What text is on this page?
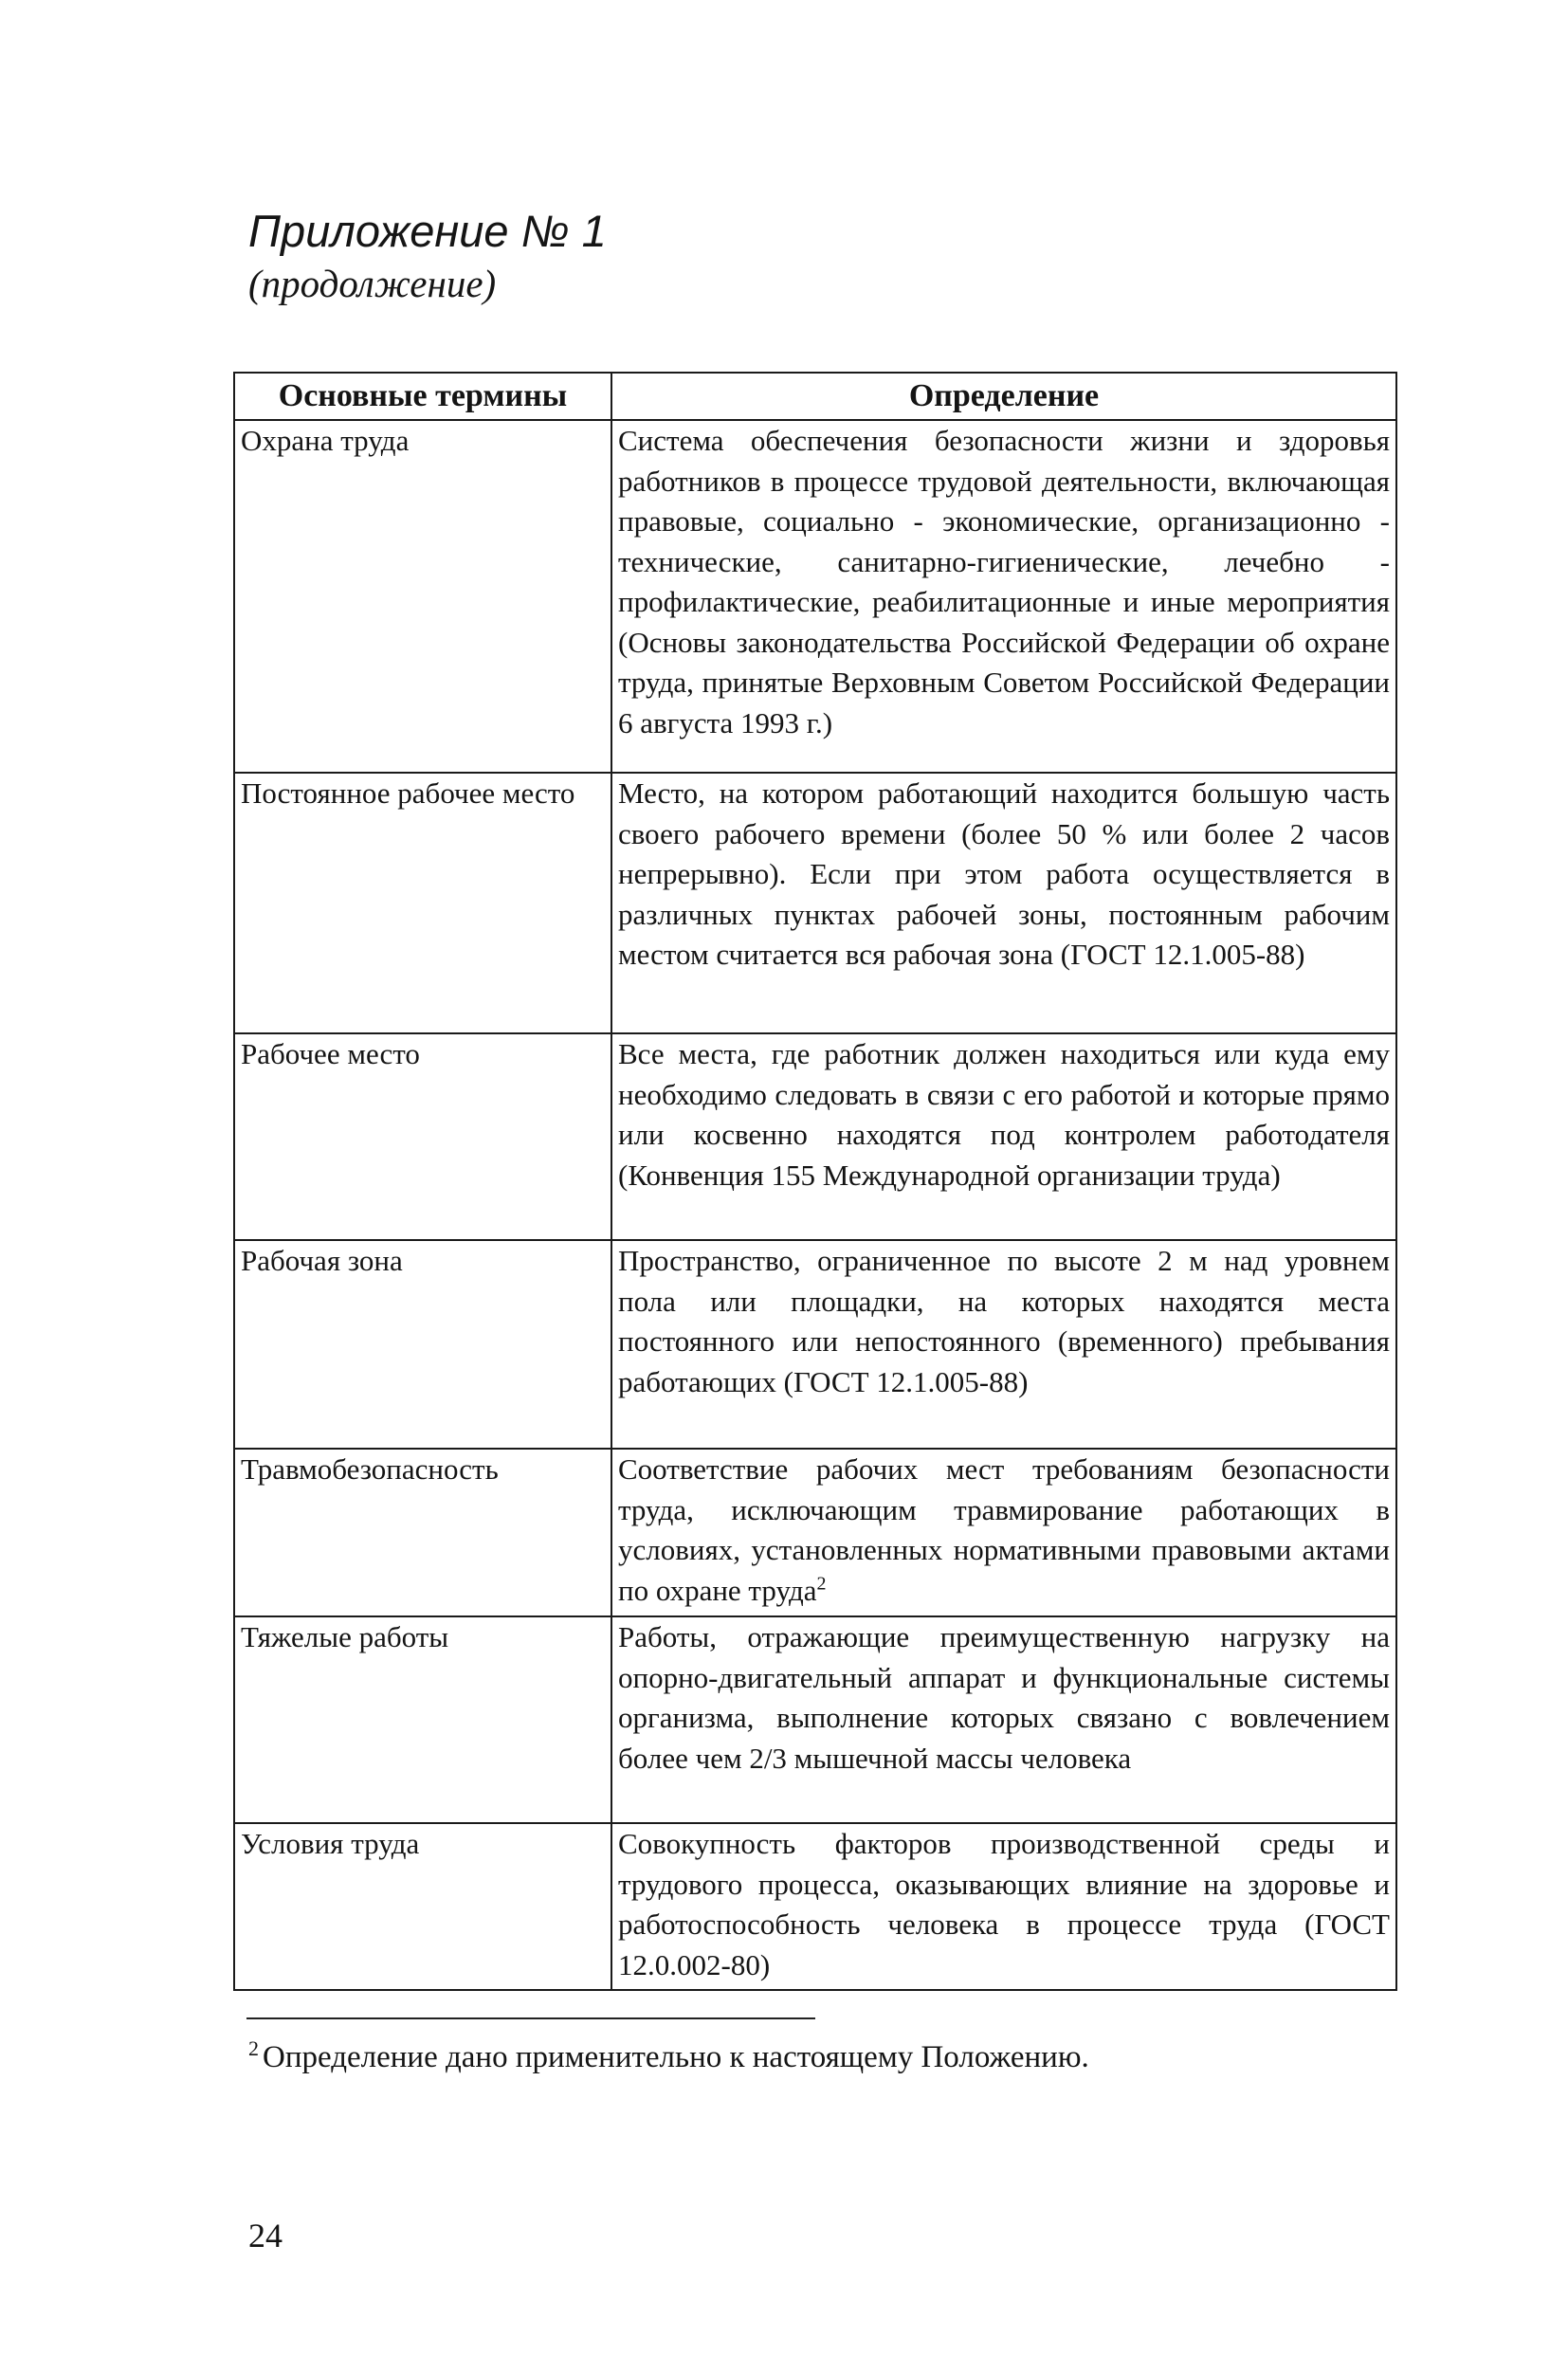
Приложение № 1
(продолжение)
Основные термины	Определение
Охрана труда	Система обеспечения безопасности жизни и здоровья работников в процессе трудовой деятельности, включающая правовые, социально - экономические, организационно - технические, санитарно-гигиенические, лечебно - профилактические, реабилитационные и иные мероприятия (Основы законодательства Российской Федерации об охране труда, принятые Верховным Советом Российской Федерации 6 августа 1993 г.)
Постоянное рабочее место	Место, на котором работающий находится большую часть своего рабочего времени (более 50 % или более 2 часов непрерывно). Если при этом работа осуществляется в различных пунктах рабочей зоны, постоянным рабочим местом считается вся рабочая зона (ГОСТ 12.1.005-88)
Рабочее место	Все места, где работник должен находиться или куда ему необходимо следовать в связи с его работой и которые прямо или косвенно находятся под контролем работодателя (Конвенция 155 Международной организации труда)
Рабочая зона	Пространство, ограниченное по высоте 2 м над уровнем пола или площадки, на которых находятся места постоянного или непостоянного (временного) пребывания работающих (ГОСТ 12.1.005-88)
Травмобезопасность	Соответствие рабочих мест требованиям безопасности труда, исключающим травмирование работающих в условиях, установленных нормативными правовыми актами по охране труда$^2$
Тяжелые работы	Работы, отражающие преимущественную нагрузку на опорно-двигательный аппарат и функциональные системы организма, выполнение которых связано с вовлечением более чем 2/3 мышечной массы человека
Условия труда	Совокупность факторов производственной среды и трудового процесса, оказывающих влияние на здоровье и работоспособность человека в процессе труда (ГОСТ 12.0.002-80)
$^2$ Определение дано применительно к настоящему Положению.
24
